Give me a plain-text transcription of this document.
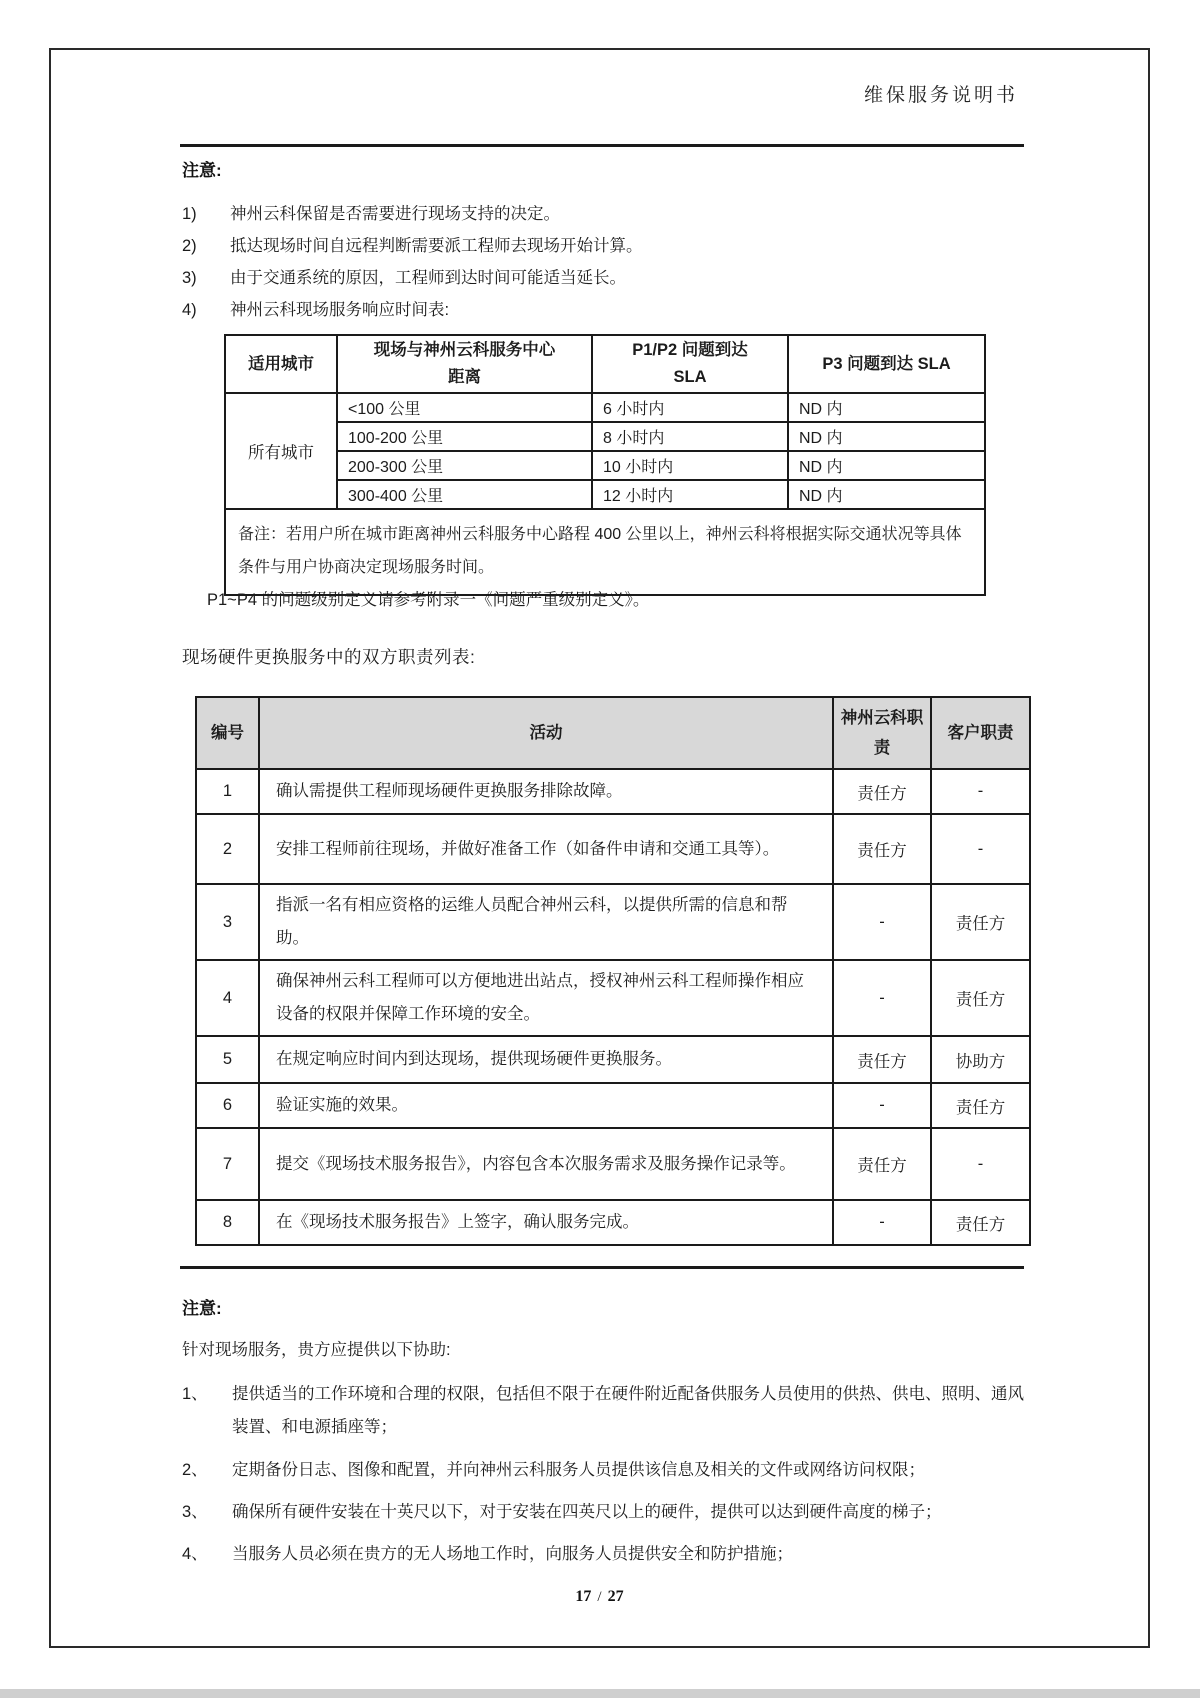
维保服务说明书
注意:
1)	神州云科保留是否需要进行现场支持的决定。
2)	抵达现场时间自远程判断需要派工程师去现场开始计算。
3)	由于交通系统的原因，工程师到达时间可能适当延长。
4)	神州云科现场服务响应时间表:
适用城市	现场与神州云科服务中心距离	P1/P2 问题到达 SLA	P3 问题到达 SLA
所有城市	<100 公里	6 小时内	ND 内
	100-200 公里	8 小时内	ND 内
	200-300 公里	10 小时内	ND 内
	300-400 公里	12 小时内	ND 内
备注：若用户所在城市距离神州云科服务中心路程 400 公里以上，神州云科将根据实际交通状况等具体条件与用户协商决定现场服务时间。			
P1~P4 的问题级别定义请参考附录一《问题严重级别定义》。
现场硬件更换服务中的双方职责列表:
编号	活动	神州云科职责	客户职责
1	确认需提供工程师现场硬件更换服务排除故障。	责任方	-
2	安排工程师前往现场，并做好准备工作（如备件申请和交通工具等）。	责任方	-
3	指派一名有相应资格的运维人员配合神州云科，以提供所需的信息和帮助。	-	责任方
4	确保神州云科工程师可以方便地进出站点，授权神州云科工程师操作相应设备的权限并保障工作环境的安全。	-	责任方
5	在规定响应时间内到达现场，提供现场硬件更换服务。	责任方	协助方
6	验证实施的效果。	-	责任方
7	提交《现场技术服务报告》，内容包含本次服务需求及服务操作记录等。	责任方	-
8	在《现场技术服务报告》上签字，确认服务完成。	-	责任方
注意:
针对现场服务，贵方应提供以下协助:
1、	提供适当的工作环境和合理的权限，包括但不限于在硬件附近配备供服务人员使用的供热、供电、照明、通风装置、和电源插座等；
2、	定期备份日志、图像和配置，并向神州云科服务人员提供该信息及相关的文件或网络访问权限；
3、	确保所有硬件安装在十英尺以下，对于安装在四英尺以上的硬件，提供可以达到硬件高度的梯子；
4、	当服务人员必须在贵方的无人场地工作时，向服务人员提供安全和防护措施；
17 / 27
